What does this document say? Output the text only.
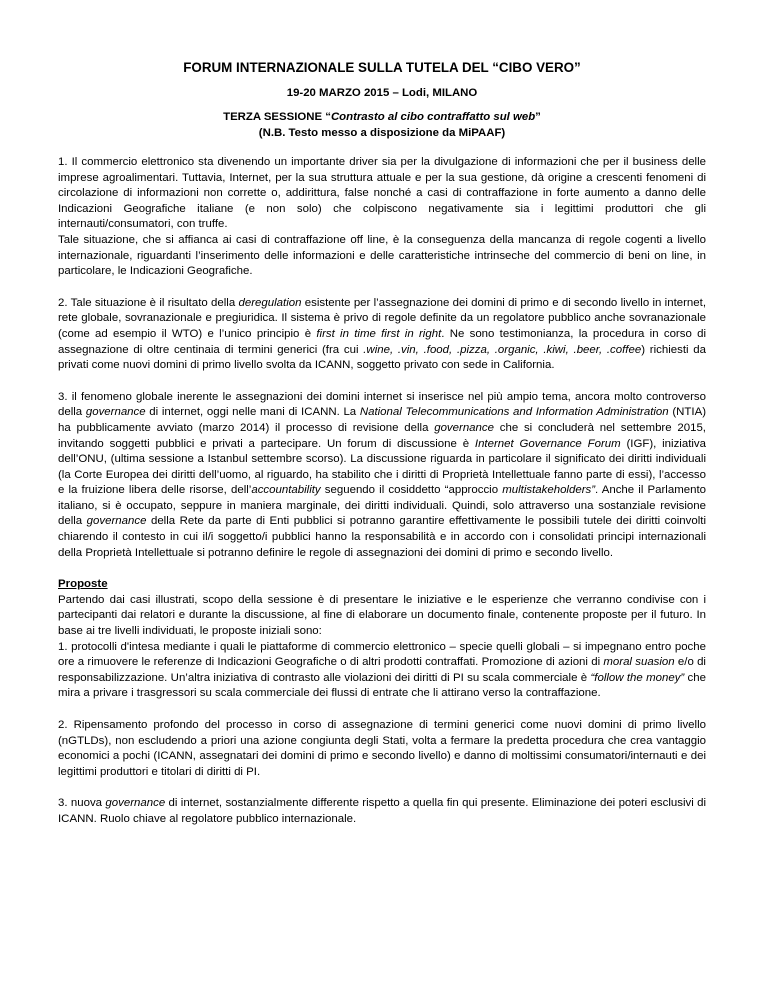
FORUM INTERNAZIONALE SULLA TUTELA DEL “CIBO VERO”

19-20 MARZO 2015 – Lodi, MILANO

TERZA SESSIONE “Contrasto al cibo contraffatto sul web”
(N.B. Testo messo a disposizione da MiPAAF)

1. Il commercio elettronico sta divenendo un importante driver sia per la divulgazione di informazioni che per il business delle imprese agroalimentari. Tuttavia, Internet, per la sua struttura attuale e per la sua gestione, dà origine a crescenti fenomeni di circolazione di informazioni non corrette o, addirittura, false nonché a casi di contraffazione in forte aumento a danno delle Indicazioni Geografiche italiane (e non solo) che colpiscono negativamente sia i legittimi produttori che gli internauti/consumatori, con truffe.

Tale situazione, che si affianca ai casi di contraffazione off line, è la conseguenza della mancanza di regole cogenti a livello internazionale, riguardanti l’inserimento delle informazioni e delle caratteristiche intrinseche del commercio di beni on line, in particolare, le Indicazioni Geografiche.

2. Tale situazione è il risultato della deregulation esistente per l’assegnazione dei domini di primo e di secondo livello in internet, rete globale, sovranazionale e pregiuridica. Il sistema è privo di regole definite da un regolatore pubblico anche sovranazionale (come ad esempio il WTO) e l’unico principio è first in time first in right. Ne sono testimonianza, la procedura in corso di assegnazione di oltre centinaia di termini generici (fra cui .wine, .vin, .food, .pizza, .organic, .kiwi, .beer, .coffee) richiesti da privati come nuovi domini di primo livello svolta da ICANN, soggetto privato con sede in California.

3. il fenomeno globale inerente le assegnazioni dei domini internet si inserisce nel più ampio tema, ancora molto controverso della governance di internet, oggi nelle mani di ICANN. La National Telecommunications and Information Administration (NTIA) ha pubblicamente avviato (marzo 2014) il processo di revisione della governance che si concluderà nel settembre 2015, invitando soggetti pubblici e privati a partecipare. Un forum di discussione è Internet Governance Forum (IGF), iniziativa dell’ONU, (ultima sessione a Istanbul settembre scorso). La discussione riguarda in particolare il significato dei diritti individuali (la Corte Europea dei diritti dell’uomo, al riguardo, ha stabilito che i diritti di Proprietà Intellettuale fanno parte di essi), l’accesso e la fruizione libera delle risorse, dell’accountability seguendo il cosiddetto “approccio multistakeholders”. Anche il Parlamento italiano, si è occupato, seppure in maniera marginale, dei diritti individuali. Quindi, solo attraverso una sostanziale revisione della governance della Rete da parte di Enti pubblici si potranno garantire effettivamente le possibili tutele dei diritti coinvolti chiarendo il contesto in cui il/i soggetto/i pubblici hanno la responsabilità e in accordo con i consolidati principi internazionali della Proprietà Intellettuale si potranno definire le regole di assegnazioni dei domini di primo e secondo livello.

Proposte

Partendo dai casi illustrati, scopo della sessione è di presentare le iniziative e le esperienze che verranno condivise con i partecipanti dai relatori e durante la discussione, al fine di elaborare un documento finale, contenente proposte per il futuro. In base ai tre livelli individuati, le proposte iniziali sono:

1. protocolli d'intesa mediante i quali le piattaforme di commercio elettronico – specie quelli globali – si impegnano entro poche ore a rimuovere le referenze di Indicazioni Geografiche o di altri prodotti contraffati. Promozione di azioni di moral suasion e/o di responsabilizzazione. Un’altra iniziativa di contrasto alle violazioni dei diritti di PI su scala commerciale è “follow the money” che mira a privare i trasgressori su scala commerciale dei flussi di entrate che li attirano verso la contraffazione.

2. Ripensamento profondo del processo in corso di assegnazione di termini generici come nuovi domini di primo livello (nGTLDs), non escludendo a priori una azione congiunta degli Stati, volta a fermare la predetta procedura che crea vantaggio economici a pochi (ICANN, assegnatari dei domini di primo e secondo livello) e danno di moltissimi consumatori/internauti e dei legittimi produttori e titolari di diritti di PI.

3. nuova governance di internet, sostanzialmente differente rispetto a quella fin qui presente. Eliminazione dei poteri esclusivi di ICANN. Ruolo chiave al regolatore pubblico internazionale.
